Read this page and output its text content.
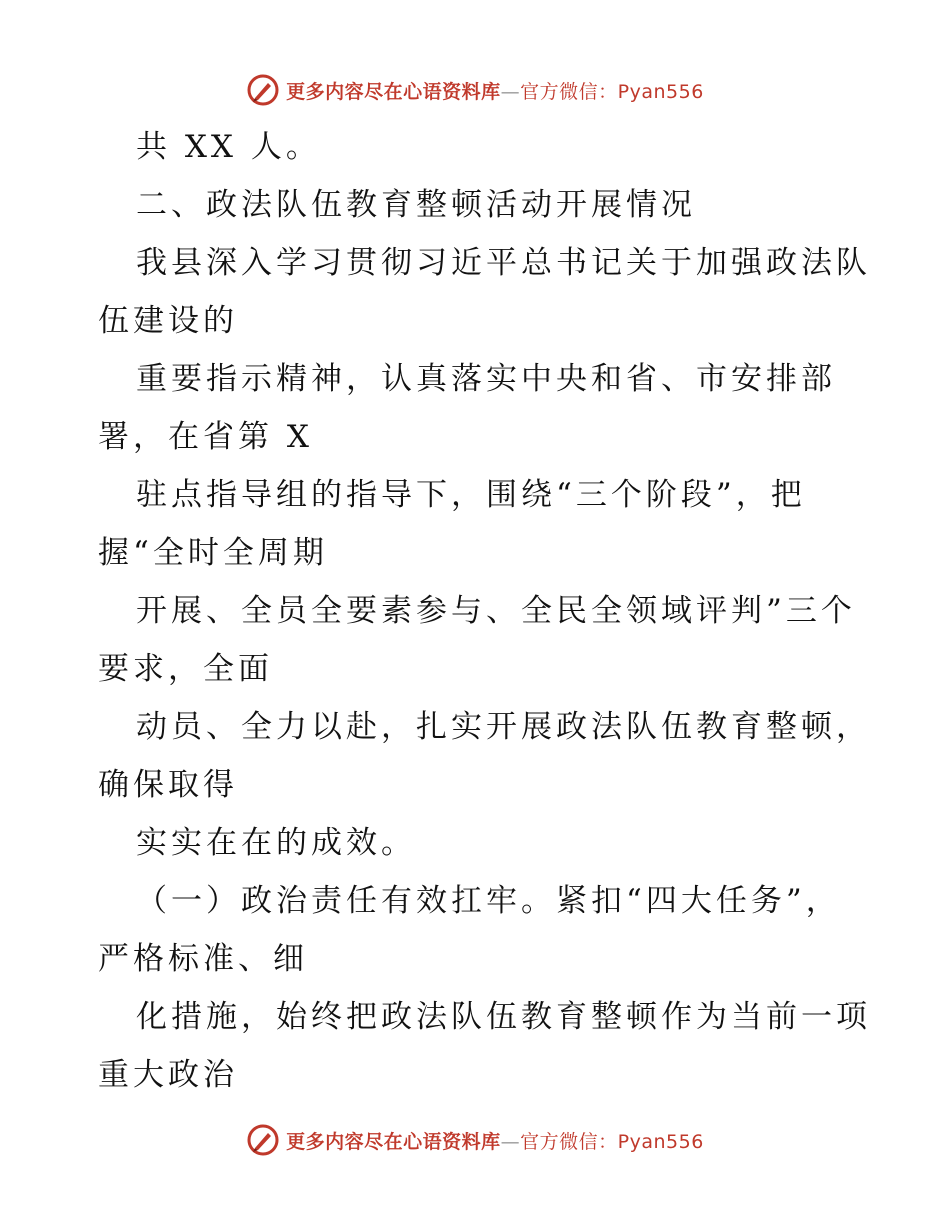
更多内容尽在心语资料库—官方微信：Pyan556
共 XX 人。
二、政法队伍教育整顿活动开展情况
我县深入学习贯彻习近平总书记关于加强政法队
伍建设的
重要指示精神，认真落实中央和省、市安排部
署，在省第 X
驻点指导组的指导下，围绕“三个阶段”，把
握“全时全周期
开展、全员全要素参与、全民全领域评判”三个
要求，全面
动员、全力以赴，扎实开展政法队伍教育整顿，
确保取得
实实在在的成效。
（一）政治责任有效扛牢。紧扣“四大任务”，
严格标准、细
化措施，始终把政法队伍教育整顿作为当前一项
重大政治
更多内容尽在心语资料库—官方微信：Pyan556
